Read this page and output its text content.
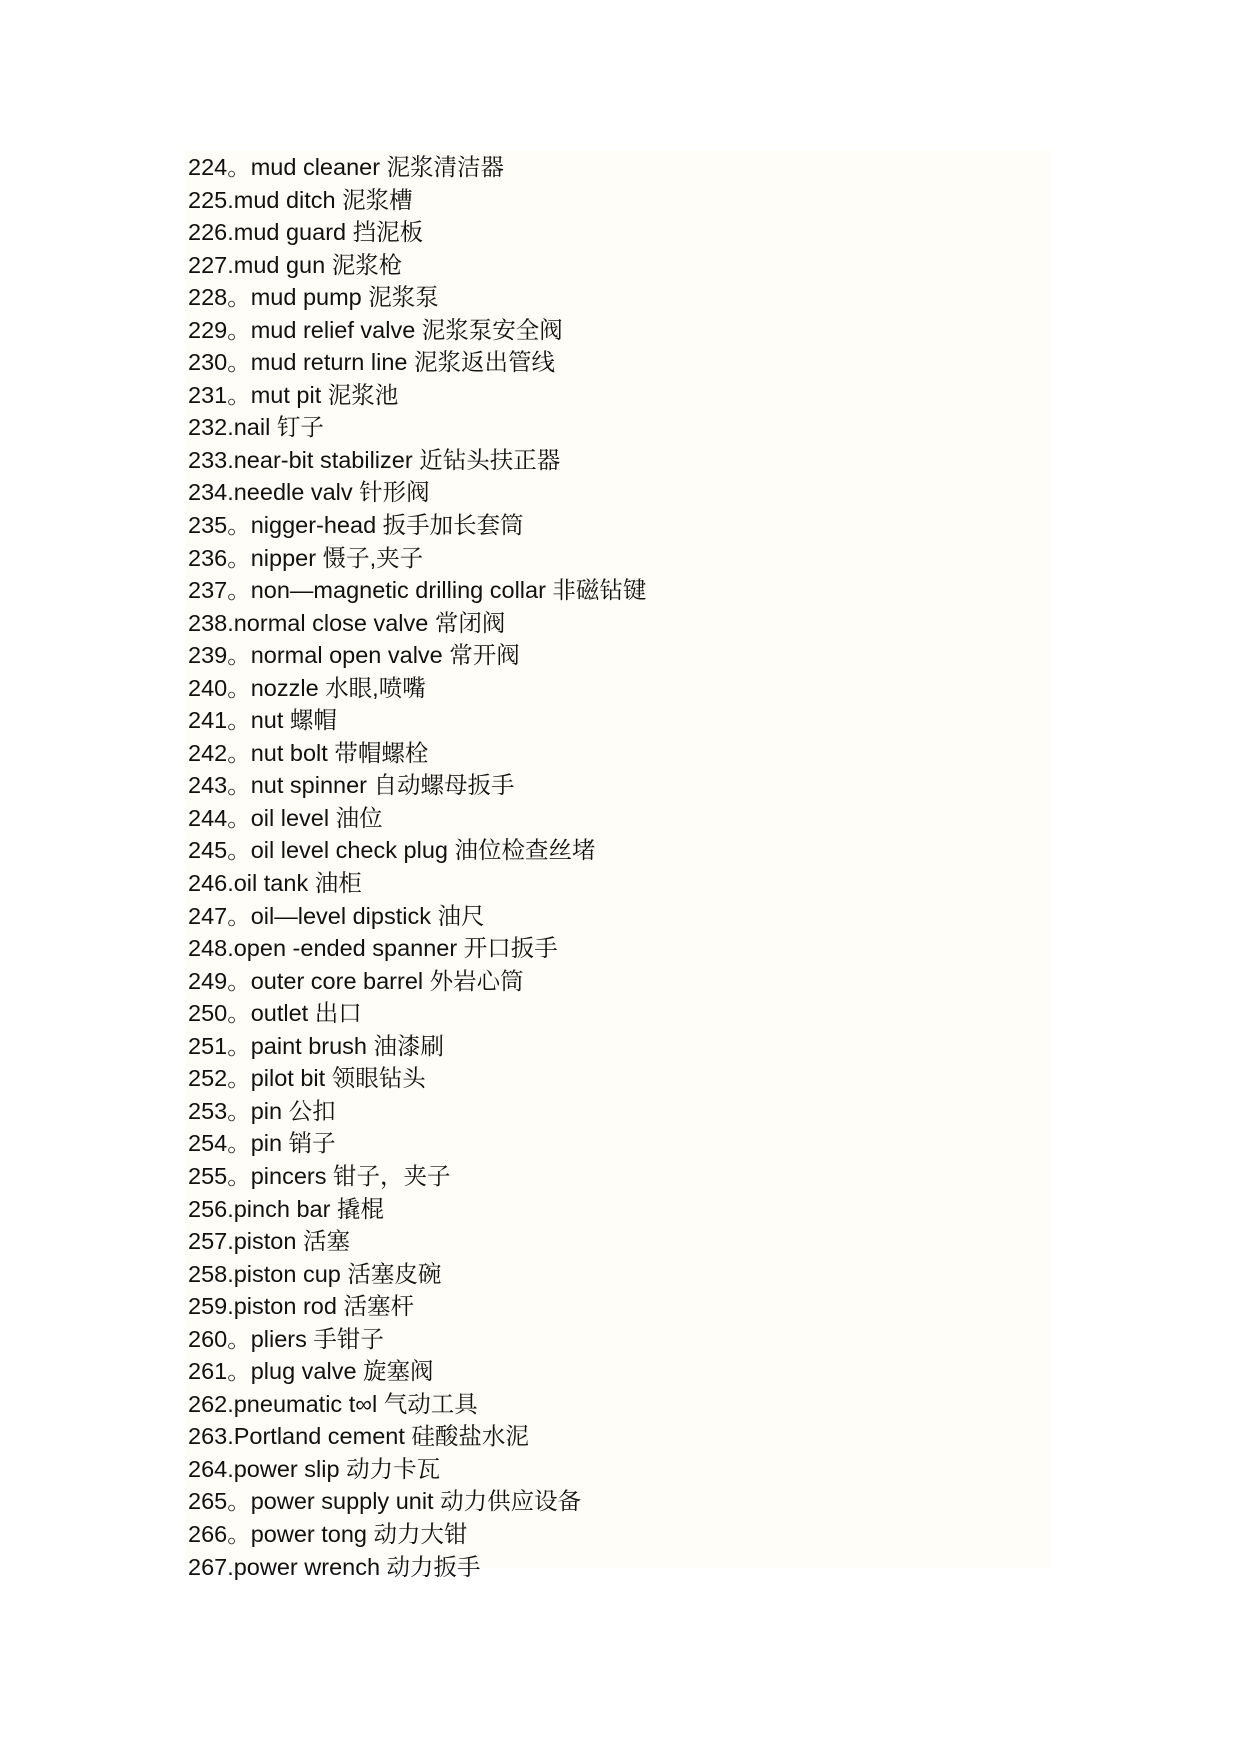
224。mud cleaner 泥浆清洁器
225.mud ditch 泥浆槽
226.mud guard 挡泥板
227.mud gun 泥浆枪
228。mud pump 泥浆泵
229。mud relief valve 泥浆泵安全阀
230。mud return line 泥浆返出管线
231。mut pit 泥浆池
232.nail 钉子
233.near-bit stabilizer 近钻头扶正器
234.needle valv 针形阀
235。nigger-head 扳手加长套筒
236。nipper 慑子,夹子
237。non—magnetic drilling collar 非磁钻键
238.normal close valve 常闭阀
239。normal open valve 常开阀
240。nozzle 水眼,喷嘴
241。nut 螺帽
242。nut bolt 带帽螺栓
243。nut spinner 自动螺母扳手
244。oil level 油位
245。oil level check plug 油位检查丝堵
246.oil tank 油柜
247。oil—level dipstick 油尺
248.open -ended spanner 开口扳手
249。outer core barrel 外岩心筒
250。outlet 出口
251。paint brush 油漆刷
252。pilot bit 领眼钻头
253。pin 公扣
254。pin 销子
255。pincers 钳子，夹子
256.pinch bar 撬棍
257.piston 活塞
258.piston cup 活塞皮碗
259.piston rod 活塞杆
260。pliers 手钳子
261。plug valve 旋塞阀
262.pneumatic t∞l 气动工具
263.Portland cement 硅酸盐水泥
264.power slip 动力卡瓦
265。power supply unit 动力供应设备
266。power tong 动力大钳
267.power wrench 动力扳手
